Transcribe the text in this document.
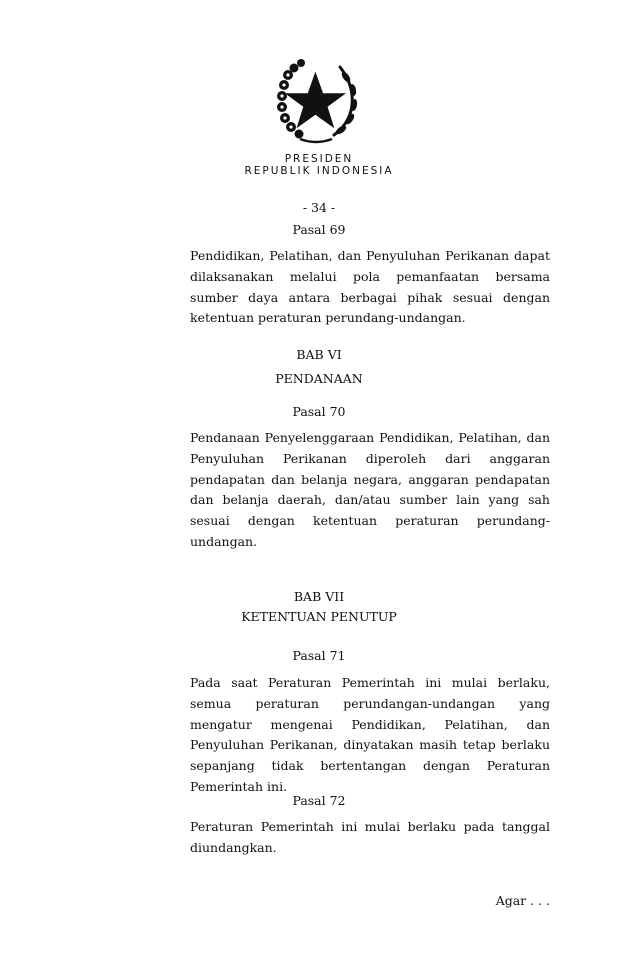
PRESIDEN
REPUBLIK INDONESIA
- 34 -
Pasal 69
Pendidikan, Pelatihan, dan Penyuluhan Perikanan dapat dilaksanakan melalui pola pemanfaatan bersama sumber daya antara berbagai pihak sesuai dengan ketentuan peraturan perundang-undangan.
BAB VI
PENDANAAN
Pasal 70
Pendanaan Penyelenggaraan Pendidikan, Pelatihan, dan Penyuluhan Perikanan diperoleh dari anggaran pendapatan dan belanja negara, anggaran pendapatan dan belanja daerah, dan/atau sumber lain yang sah sesuai dengan ketentuan peraturan perundang-undangan.
BAB VII
KETENTUAN PENUTUP
Pasal 71
Pada saat Peraturan Pemerintah ini mulai berlaku, semua peraturan perundangan-undangan yang mengatur mengenai Pendidikan, Pelatihan, dan Penyuluhan Perikanan, dinyatakan masih tetap berlaku sepanjang tidak bertentangan dengan Peraturan Pemerintah ini.
Pasal 72
Peraturan Pemerintah ini mulai berlaku pada tanggal diundangkan.
Agar . . .
